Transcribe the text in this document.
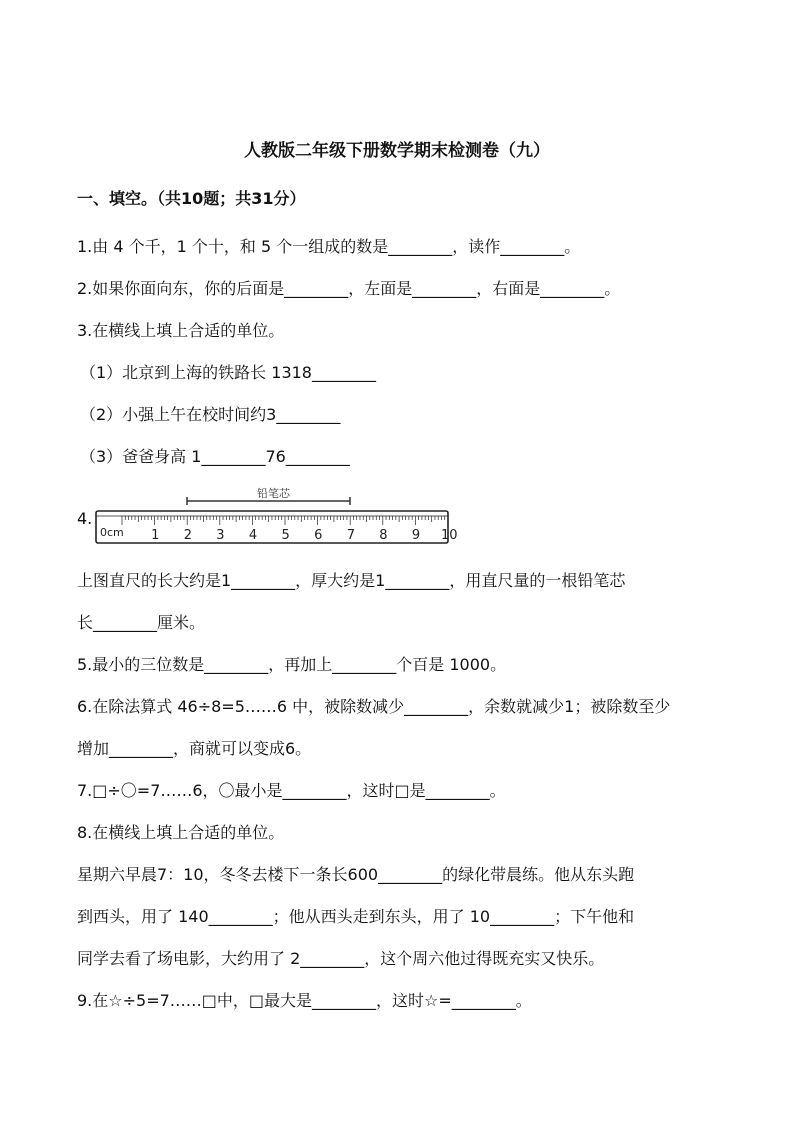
人教版二年级下册数学期末检测卷（九）
一、填空。（共10题；共31分）
1.由 4 个千，1 个十，和 5 个一组成的数是________，读作________。
2.如果你面向东，你的后面是________，左面是________，右面是________。
3.在横线上填上合适的单位。
（1）北京到上海的铁路长 1318________
（2）小强上午在校时间约3________
（3）爸爸身高 1________76________
4.
铅笔芯
0cm 1 2 3 4 5 6 7 8 9 10
上图直尺的长大约是1________，厚大约是1________，用直尺量的一根铅笔芯
长________厘米。
5.最小的三位数是________，再加上________个百是 1000。
6.在除法算式 46÷8=5……6 中，被除数减少________，余数就减少1；被除数至少
增加________，商就可以变成6。
7.□÷〇=7……6，〇最小是________，这时□是________。
8.在横线上填上合适的单位。
星期六早晨7：10，冬冬去楼下一条长600________的绿化带晨练。他从东头跑
到西头，用了 140________；他从西头走到东头，用了 10________；下午他和
同学去看了场电影，大约用了 2________，这个周六他过得既充实又快乐。
9.在☆÷5=7……□中，□最大是________，这时☆=________。
